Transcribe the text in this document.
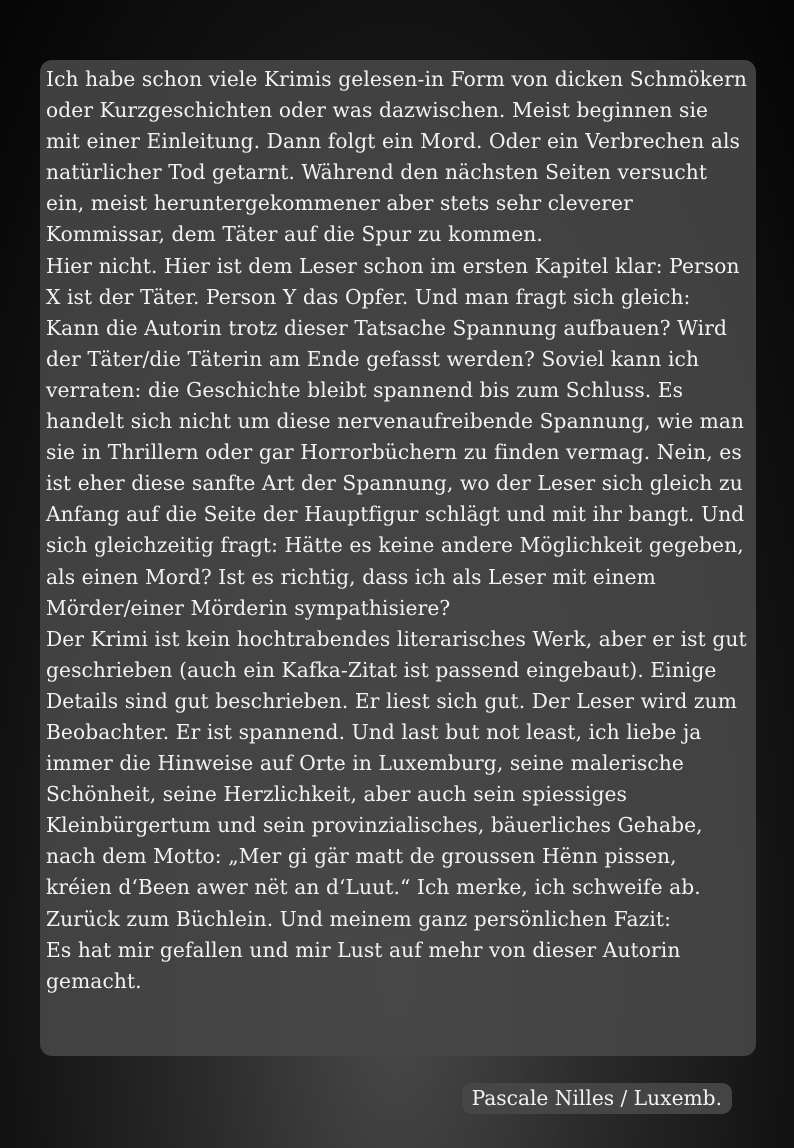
Ich habe schon viele Krimis gelesen-in Form von dicken Schmökern oder Kurzgeschichten oder was dazwischen. Meist beginnen sie mit einer Einleitung. Dann folgt ein Mord. Oder ein Verbrechen als natürlicher Tod getarnt. Während den nächsten Seiten versucht ein, meist heruntergekommener aber stets sehr cleverer Kommissar, dem Täter auf die Spur zu kommen.

Hier nicht. Hier ist dem Leser schon im ersten Kapitel klar: Person X ist der Täter. Person Y das Opfer. Und man fragt sich gleich: Kann die Autorin trotz dieser Tatsache Spannung aufbauen? Wird der Täter/die Täterin am Ende gefasst werden? Soviel kann ich verraten: die Geschichte bleibt spannend bis zum Schluss. Es handelt sich nicht um diese nervenaufreibende Spannung, wie man sie in Thrillern oder gar Horrorbüchern zu finden vermag. Nein, es ist eher diese sanfte Art der Spannung, wo der Leser sich gleich zu Anfang auf die Seite der Hauptfigur schlägt und mit ihr bangt. Und sich gleichzeitig fragt: Hätte es keine andere Möglichkeit gegeben, als einen Mord? Ist es richtig, dass ich als Leser mit einem Mörder/einer Mörderin sympathisiere?

Der Krimi ist kein hochtrabendes literarisches Werk, aber er ist gut geschrieben (auch ein Kafka-Zitat ist passend eingebaut). Einige Details sind gut beschrieben. Er liest sich gut. Der Leser wird zum Beobachter. Er ist spannend. Und last but not least, ich liebe ja immer die Hinweise auf Orte in Luxemburg, seine malerische Schönheit, seine Herzlichkeit, aber auch sein spiessiges Kleinbürgertum und sein provinzialisches, bäuerliches Gehabe, nach dem Motto: „Mer gi gär matt de groussen Hënn pissen, kréien d‘Been awer nët an d‘Luut.“ Ich merke, ich schweife ab. Zurück zum Büchlein. Und meinem ganz persönlichen Fazit:

Es hat mir gefallen und mir Lust auf mehr von dieser Autorin gemacht.

Pascale Nilles / Luxemb.
